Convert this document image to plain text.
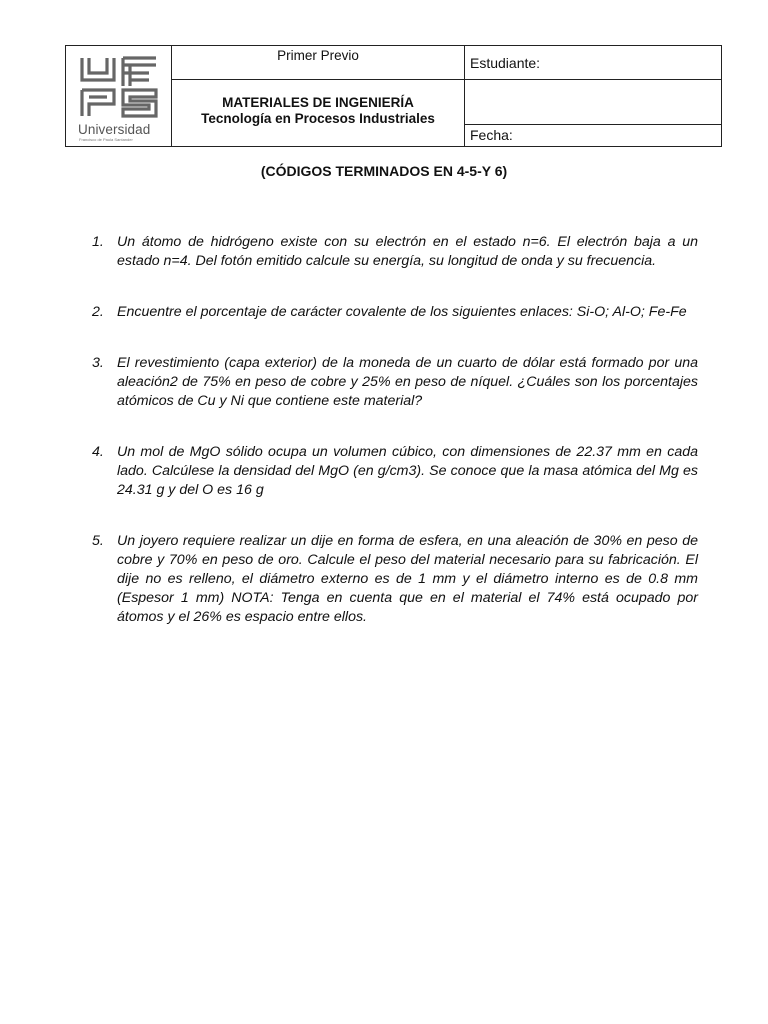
Universidad
Francisco de Paula Santander	Primer Previo	Estudiante:

	MATERIALES DE INGENIERÍA
Tecnología en Procesos Industriales	

		Fecha:
(CÓDIGOS TERMINADOS EN 4-5-Y 6)
1. Un átomo de hidrógeno existe con su electrón en el estado n=6. El electrón baja a un estado n=4. Del fotón emitido calcule su energía, su longitud de onda y su frecuencia.
2. Encuentre el porcentaje de carácter covalente de los siguientes enlaces: Si-O; Al-O; Fe-Fe
3. El revestimiento (capa exterior) de la moneda de un cuarto de dólar está formado por una aleación2 de 75% en peso de cobre y 25% en peso de níquel. ¿Cuáles son los porcentajes atómicos de Cu y Ni que contiene este material?
4. Un mol de MgO sólido ocupa un volumen cúbico, con dimensiones de 22.37 mm en cada lado. Calcúlese la densidad del MgO (en g/cm3). Se conoce que la masa atómica del Mg es 24.31 g y del O es 16 g
5. Un joyero requiere realizar un dije en forma de esfera, en una aleación de 30% en peso de cobre y 70% en peso de oro. Calcule el peso del material necesario para su fabricación. El dije no es relleno, el diámetro externo es de 1 mm y el diámetro interno es de 0.8 mm (Espesor 1 mm) NOTA: Tenga en cuenta que en el material el 74% está ocupado por átomos y el 26% es espacio entre ellos.
